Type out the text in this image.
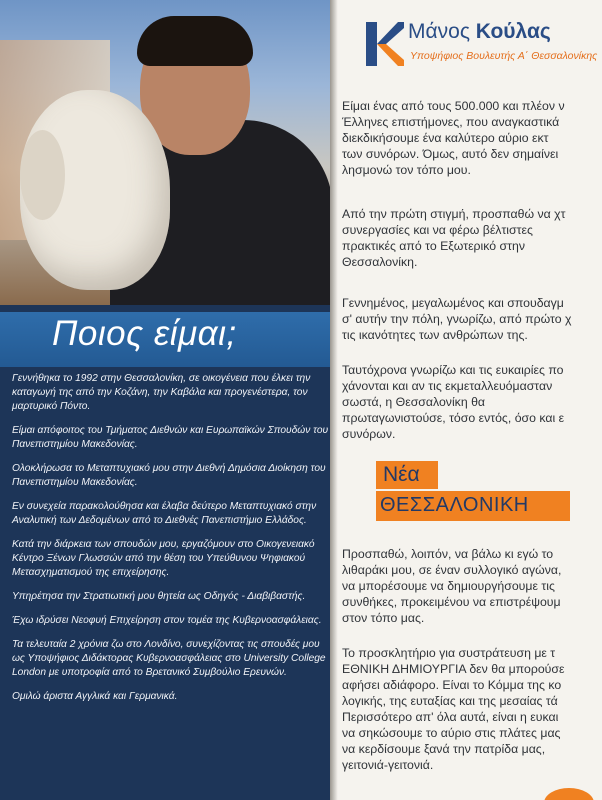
Ποιος είμαι;

Γεννήθηκα το 1992 στην Θεσσαλονίκη, σε οικογένεια που έλκει την καταγωγή της από την Κοζάνη, την Καβάλα και προγενέστερα, τον μαρτυρικό Πόντο.

Είμαι απόφοιτος του Τμήματος Διεθνών και Ευρωπαϊκών Σπουδών του Πανεπιστημίου Μακεδονίας.

Ολοκλήρωσα το Μεταπτυχιακό μου στην Διεθνή Δημόσια Διοίκηση του Πανεπιστημίου Μακεδονίας.

Εν συνεχεία παρακολούθησα και έλαβα δεύτερο Μεταπτυχιακό στην Αναλυτική των Δεδομένων από το Διεθνές Πανεπιστήμιο Ελλάδος.

Κατά την διάρκεια των σπουδών μου, εργαζόμουν στο Οικογενειακό Κέντρο Ξένων Γλωσσών από την θέση του Υπεύθυνου Ψηφιακού Μετασχηματισμού της επιχείρησης.

Υπηρέτησα την Στρατιωτική μου θητεία ως Οδηγός - Διαβιβαστής.

Έχω ιδρύσει Νεοφυή Επιχείρηση στον τομέα της Κυβερνοασφάλειας.

Τα τελευταία 2 χρόνια ζω στο Λονδίνο, συνεχίζοντας τις σπουδές μου ως Υποψήφιος Διδάκτορας Κυβερνοασφάλειας στο University College London με υποτροφία από το Βρετανικό Συμβούλιο Ερευνών.

Ομιλώ άριστα Αγγλικά και Γερμανικά.

Μάνος Κούλας
Υποψήφιος Βουλευτής Α΄ Θεσσαλονίκης
Είμαι ένας από τους 500.000 και πλέον ν
Έλληνες επιστήμονες, που αναγκαστικά
διεκδικήσουμε ένα καλύτερο αύριο εκτ
των συνόρων. Όμως, αυτό δεν σημαίνει
λησμονώ τον τόπο μου.
Από την πρώτη στιγμή, προσπαθώ να χτ
συνεργασίες και να φέρω βέλτιστες
πρακτικές από το Εξωτερικό στην
Θεσσαλονίκη.
Γεννημένος, μεγαλωμένος και σπουδαγμ
σ' αυτήν την πόλη, γνωρίζω, από πρώτο χ
τις ικανότητες των ανθρώπων της.
Ταυτόχρονα γνωρίζω και τις ευκαιρίες πο
χάνονται και αν τις εκμεταλλευόμασταν
σωστά, η Θεσσαλονίκη θα
πρωταγωνιστούσε, τόσο εντός, όσο και ε
συνόρων.
Νέα
ΘΕΣΣΑΛΟΝΙΚΗ
Προσπαθώ, λοιπόν, να βάλω κι εγώ το
λιθαράκι μου, σε έναν συλλογικό αγώνα,
να μπορέσουμε να δημιουργήσουμε τις
συνθήκες, προκειμένου να επιστρέψουμ
στον τόπο μας.
Το προσκλητήριο για συστράτευση με τ
ΕΘΝΙΚΗ ΔΗΜΙΟΥΡΓΙΑ δεν θα μπορούσε
αφήσει αδιάφορο. Είναι το Κόμμα της κο
λογικής, της ευταξίας και της μεσαίας τά
Περισσότερο απ' όλα αυτά, είναι η ευκαι
να σηκώσουμε το αύριο στις πλάτες μας
να κερδίσουμε ξανά την πατρίδα μας,
γειτονιά-γειτονιά.
